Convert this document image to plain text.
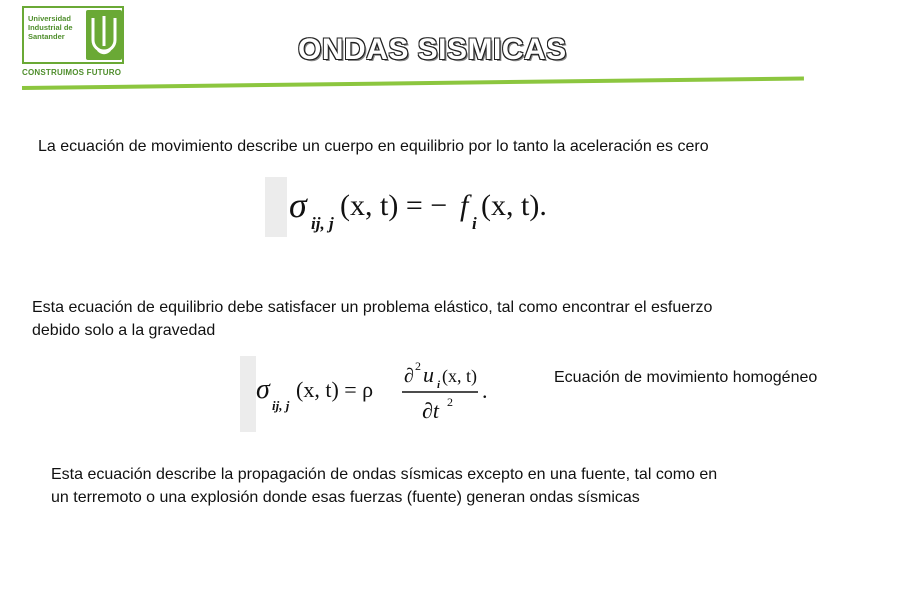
Universidad
Industrial de
Santander
CONSTRUIMOS FUTURO
ONDAS SISMICAS
La ecuación de movimiento describe un cuerpo en equilibrio por lo tanto la aceleración es cero
σ ij, j
(x, t) = − f
i
(x, t).
Esta ecuación de equilibrio debe satisfacer un problema elástico, tal como encontrar el esfuerzo
debido solo a la gravedad
σ
ij, j
(x, t) = ρ
∂ 2 u i (x, t)
∂t 2 .
Ecuación de movimiento homogéneo
Esta ecuación describe la propagación de ondas sísmicas excepto en una fuente, tal como en
un terremoto o una explosión donde esas fuerzas (fuente) generan ondas sísmicas
